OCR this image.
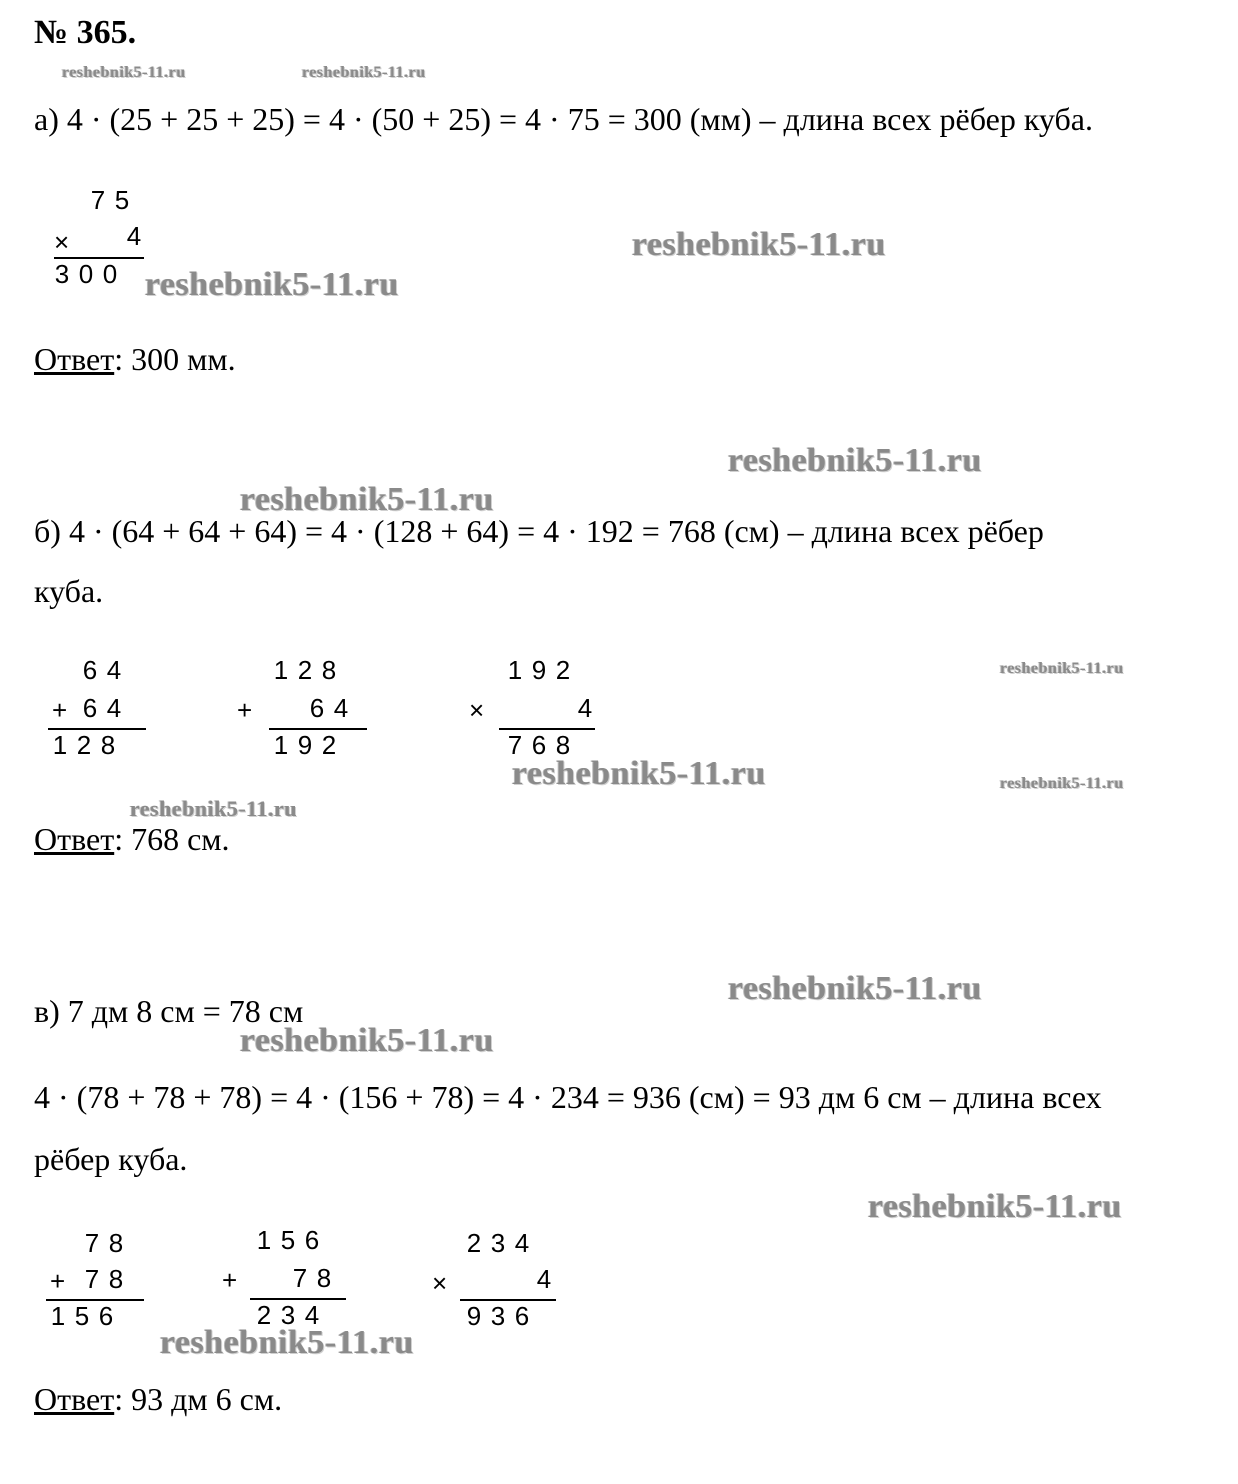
№ 365.
reshebnik5-11.ru	reshebnik5-11.ru
reshebnik5-11.ru
reshebnik5-11.ru
reshebnik5-11.ru
reshebnik5-11.ru
reshebnik5-11.ru
reshebnik5-11.ru	reshebnik5-11.ru
reshebnik5-11.ru
reshebnik5-11.ru
reshebnik5-11.ru
reshebnik5-11.ru
reshebnik5-11.ru
а) 4 · (25 + 25 + 25) = 4 · (50 + 25) = 4 · 75 = 300 (мм) – длина всех рёбер куба.
7 5
× 4
3 0 0
Ответ: 300 мм.
б) 4 · (64 + 64 + 64) = 4 · (128 + 64) = 4 · 192 = 768 (см) – длина всех рёбер
куба.
6 4
+ 6 4
1 2 8
1 2 8
+ 6 4
1 9 2
1 9 2
×	4
7 6 8
Ответ: 768 см.
в) 7 дм 8 см = 78 см
4 · (78 + 78 + 78) = 4 · (156 + 78) = 4 · 234 = 936 (см) = 93 дм 6 см – длина всех
рёбер куба.
7 8
+ 7 8
1 5 6
1 5 6
+ 7 8
2 3 4
2 3 4
×	4
9 3 6
Ответ: 93 дм 6 см.
